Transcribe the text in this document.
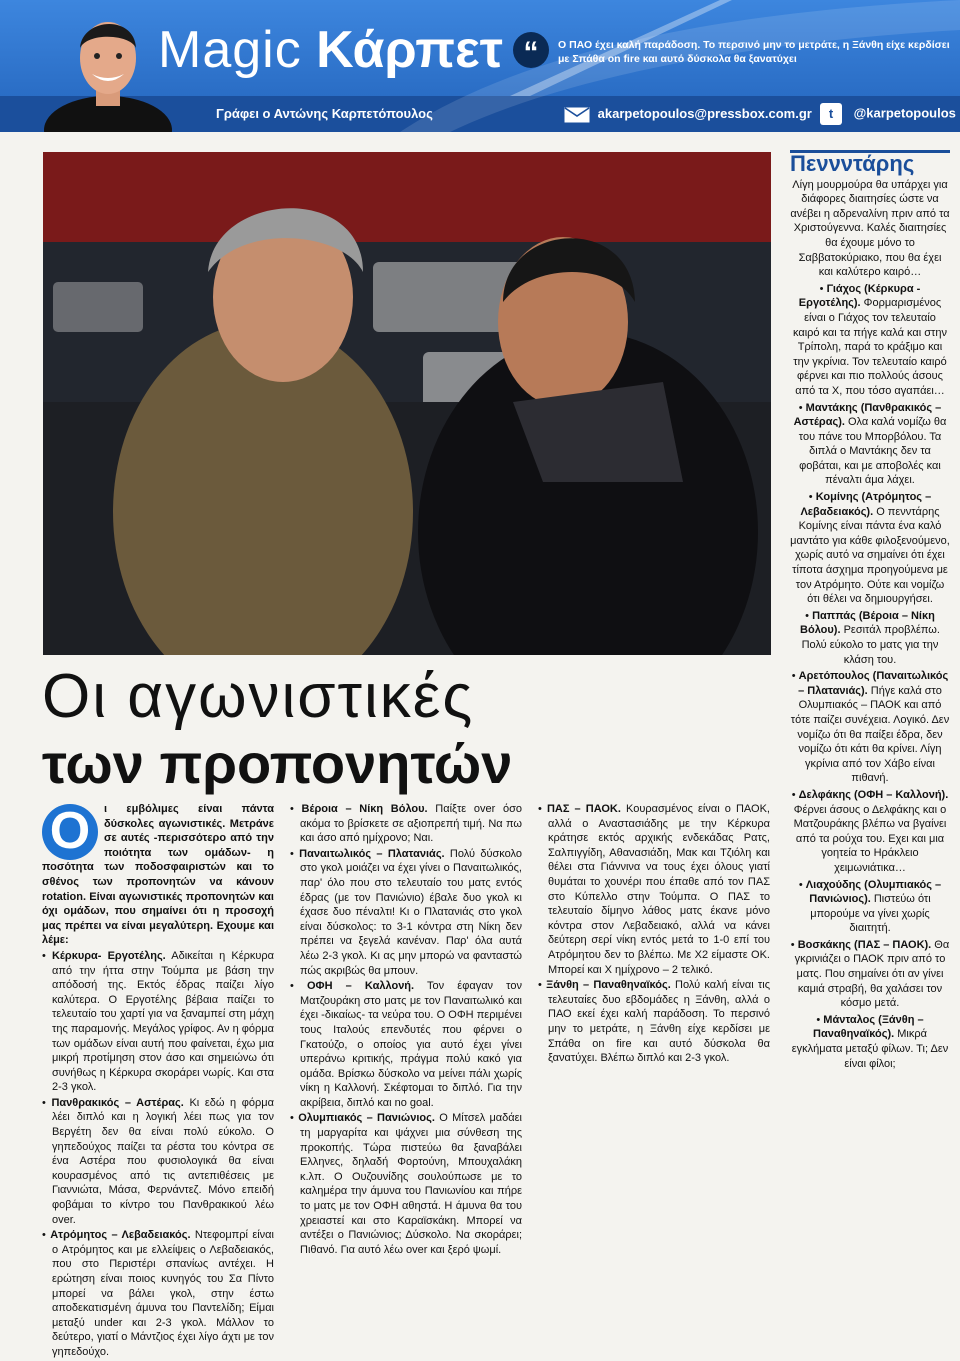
Magic Κάρπετ “	Ο ΠΑΟ έχει καλή παράδοση. Το περσινό μην το μετράτε, η Ξάνθη είχε κερδίσει με Σπάθα on fire και αυτό δύσκολα θα ξανατύχει
Γράφει ο Αντώνης Καρπετόπουλος	akarpetopoulos@pressbox.com.gr	t @karpetopoulos
Οι αγωνιστικές
των προπονητών
Ο	ι εμβόλιμες είναι πάντα δύσκολες αγωνιστικές. Μετράνε σε αυτές -περισσότερο από την ποιότητα των ομάδων- η ποσότητα των ποδοσφαιριστών και το σθένος των προπονητών να κάνουν rotation. Είναι αγωνιστικές προπονητών και όχι ομάδων, που σημαίνει ότι η προσοχή μας πρέπει να είναι μεγαλύτερη. Εχουμε και λέμε:

• Κέρκυρα- Εργοτέλης. Αδικείται η Κέρκυρα από την ήττα στην Τούμπα με βάση την απόδοσή της. Εκτός έδρας παίζει λίγο καλύτερα. Ο Εργοτέλης βέβαια παίζει το τελευταίο του χαρτί για να ξαναμπεί στη μάχη της παραμονής. Μεγάλος γρίφος. Αν η φόρμα των ομάδων είναι αυτή που φαίνεται, έχω μια μικρή προτίμηση στον άσο και σημειώνω ότι συνήθως η Κέρκυρα σκοράρει νωρίς. Και στα 2-3 γκολ.

• Πανθρακικός – Αστέρας. Κι εδώ η φόρμα λέει διπλό και η λογική λέει πως για τον Βεργέτη δεν θα είναι πολύ εύκολο. Ο γηπεδούχος παίζει τα ρέστα του κόντρα σε ένα Αστέρα που φυσιολογικά θα είναι κουρασμένος από τις αντεπιθέσεις με Γιαννιώτα, Μάσα, Φερνάντεζ. Μόνο επειδή φοβάμαι το κίντρο του Πανθρακικού λέω over.

• Ατρόμητος – Λεβαδειακός. Ντεφομπρί είναι ο Ατρόμητος και με ελλείψεις ο Λεβαδειακός, που στο Περιστέρι σπανίως αντέχει. Η ερώτηση είναι ποιος κυνηγός του Σα Πίντο μπορεί να βάλει γκολ, στην έστω αποδεκατισμένη άμυνα του Παντελίδη; Είμαι μεταξύ under και 2-3 γκολ. Μάλλον το δεύτερο, γιατί ο Μάντζιος έχει λίγο άχτι με τον γηπεδούχο.

• Βέροια – Νίκη Βόλου. Παίξτε over όσο ακόμα το βρίσκετε σε αξιοπρεπή τιμή. Να πω και άσο από ημίχρονο; Ναι.

• Παναιτωλικός – Πλατανιάς. Πολύ δύσκολο στο γκολ μοιάζει να έχει γίνει ο Παναιτωλικός, παρ' όλο που στο τελευταίο του ματς εντός έδρας (με τον Πανιώνιο) έβαλε δυο γκολ κι έχασε δυο πέναλτι! Κι ο Πλατανιάς στο γκολ είναι δύσκολος: το 3-1 κόντρα στη Νίκη δεν πρέπει να ξεγελά κανέναν. Παρ' όλα αυτά λέω 2-3 γκολ. Κι ας μην μπορώ να φανταστώ πώς ακριβώς θα μπουν.

• ΟΦΗ – Καλλονή. Τον έφαγαν τον Ματζουράκη στο ματς με τον Παναιτωλικό και έχει -δικαίως- τα νεύρα του. Ο ΟΦΗ περιμένει τους Ιταλούς επενδυτές που φέρνει ο Γκατούζο, ο οποίος για αυτό έχει γίνει υπεράνω κριτικής, πράγμα πολύ κακό για ομάδα. Βρίσκω δύσκολο να μείνει πάλι χωρίς νίκη η Καλλονή. Σκέφτομαι το διπλό. Για την ακρίβεια, διπλό και no goal.

• Ολυμπιακός – Πανιώνιος. Ο Μίτσελ μαδάει τη μαργαρίτα και ψάχνει μια σύνθεση της προκοπής. Τώρα πιστεύω θα ξαναβάλει Ελληνες, δηλαδή Φορτούνη, Μπουχαλάκη κ.λπ. Ο Ουζουνίδης σουλούπωσε με το καλημέρα την άμυνα του Πανιωνίου και πήρε το ματς με τον ΟΦΗ αθηστά. Η άμυνα θα του χρειαστεί και στο Καραϊσκάκη. Μπορεί να αντέξει ο Πανιώνιος; Δύσκολο. Να σκοράρει; Πιθανό. Για αυτό λέω over και ξερό ψωμί.

• ΠΑΣ – ΠΑΟΚ. Κουρασμένος είναι ο ΠΑΟΚ, αλλά ο Αναστασιάδης με την Κέρκυρα κράτησε εκτός αρχικής ενδεκάδας Ρατς, Σαλπιγγίδη, Αθανασιάδη, Μακ και Τζιόλη και θέλει στα Γιάννινα να τους έχει όλους γιατί θυμάται το χουνέρι που έπαθε από τον ΠΑΣ στο Κύπελλο στην Τούμπα. Ο ΠΑΣ το τελευταίο δίμηνο λάθος ματς έκανε μόνο κόντρα στον Λεβαδειακό, αλλά να κάνει δεύτερη σερί νίκη εντός μετά το 1-0 επί του Ατρόμητου δεν το βλέπω. Με Χ2 είμαστε ΟΚ. Μπορεί και Χ ημίχρονο – 2 τελικό.

• Ξάνθη – Παναθηναϊκός. Πολύ καλή είναι τις τελευταίες δυο εβδομάδες η Ξάνθη, αλλά ο ΠΑΟ εκεί έχει καλή παράδοση. Το περσινό μην το μετράτε, η Ξάνθη είχε κερδίσει με Σπάθα on fire και αυτό δύσκολα θα ξανατύχει. Βλέπω διπλό και 2-3 γκολ.

Πεννντάρης

Λίγη μουρμούρα θα υπάρχει για διάφορες διαιτησίες ώστε να ανέβει η αδρεναλίνη πριν από τα Χριστούγεννα. Καλές διαιτησίες θα έχουμε μόνο το Σαββατοκύριακο, που θα έχει και καλύτερο καιρό…

• Γιάχος (Κέρκυρα - Εργοτέλης). Φορμαρισμένος είναι ο Γιάχος τον τελευταίο καιρό και τα πήγε καλά και στην Τρίπολη, παρά το κράξιμο και την γκρίνια. Τον τελευταίο καιρό φέρνει και πιο πολλούς άσους από τα Χ, που τόσο αγαπάει…

• Μαντάκης (Πανθρακικός – Αστέρας). Ολα καλά νομίζω θα του πάνε του Μπορβόλου. Τα διπλά ο Μαντάκης δεν τα φοβάται, και με αποβολές και πέναλτι άμα λάχει.

• Κομίνης (Ατρόμητος – Λεβαδειακός). Ο πενντάρης Κομίνης είναι πάντα ένα καλό μαντάτο για κάθε φιλοξενούμενο, χωρίς αυτό να σημαίνει ότι έχει τίποτα άσχημα προηγούμενα με τον Ατρόμητο. Ούτε και νομίζω ότι θέλει να δημιουργήσει.

• Παππάς (Βέροια – Νίκη Βόλου). Ρεσιτάλ προβλέπω. Πολύ εύκολο το ματς για την κλάση του.

• Αρετόπουλος (Παναιτωλικός – Πλατανιάς). Πήγε καλά στο Ολυμπιακός – ΠΑΟΚ και από τότε παίζει συνέχεια. Λογικό. Δεν νομίζω ότι θα παίξει έδρα, δεν νομίζω ότι κάτι θα κρίνει. Λίγη γκρίνια από τον Χάβο είναι πιθανή.

• Δελφάκης (ΟΦΗ – Καλλονή). Φέρνει άσους ο Δελφάκης και ο Ματζουράκης βλέπω να βγαίνει από τα ρούχα του. Εχει και μια γοητεία το Ηράκλειο χειμωνιάτικα…

• Λιαχούδης (Ολυμπιακός – Πανιώνιος). Πιστεύω ότι μπορούμε να γίνει χωρίς διαιτητή.

• Βοσκάκης (ΠΑΣ – ΠΑΟΚ). Θα γκρινιάζει ο ΠΑΟΚ πριν από το ματς. Που σημαίνει ότι αν γίνει καμιά στραβή, θα χαλάσει τον κόσμο μετά.

• Μάνταλος (Ξάνθη – Παναθηναϊκός). Μικρά εγκλήματα μεταξύ φίλων. Τι; Δεν είναι φίλοι;
